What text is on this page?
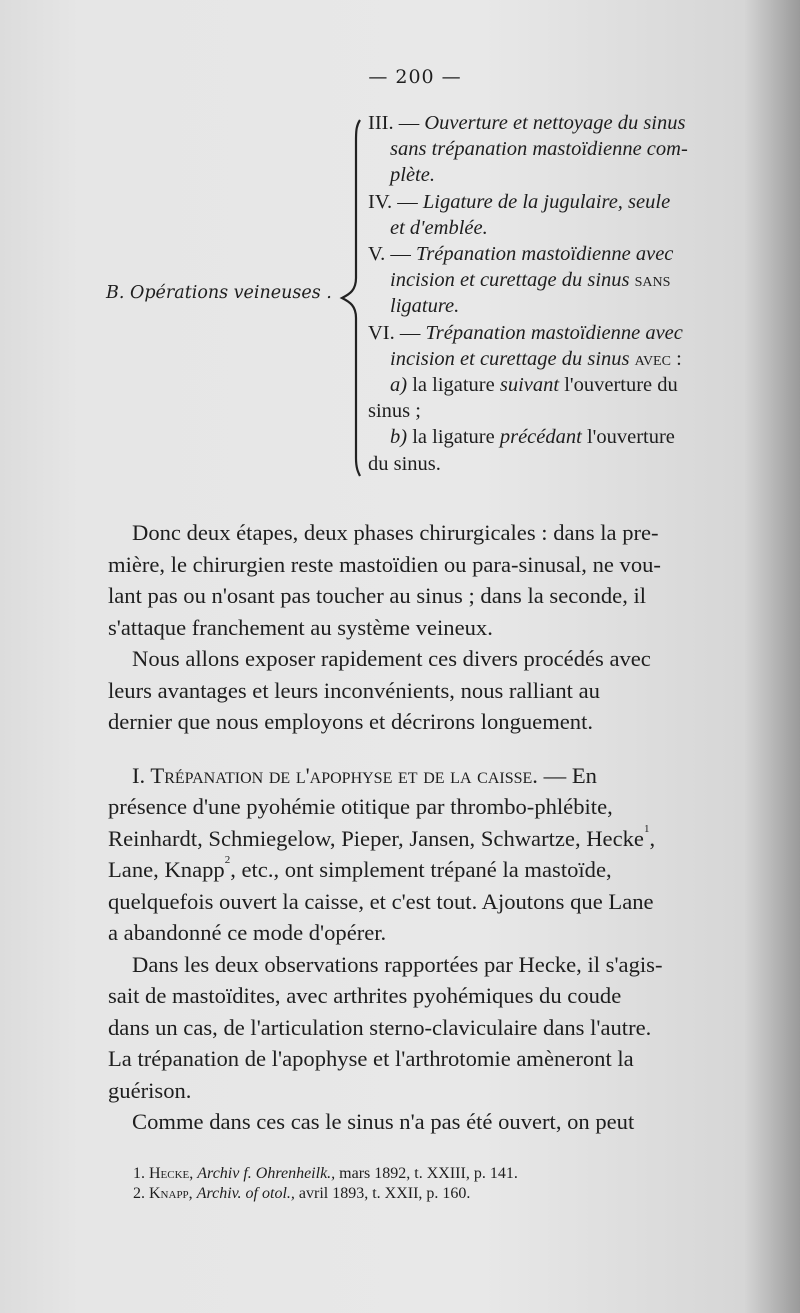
— 200 —
B. Opérations veineuses .
III. — Ouverture et nettoyage du sinus
sans trépanation mastoïdienne com-
plète.
IV. — Ligature de la jugulaire, seule
et d'emblée.
V. — Trépanation mastoïdienne avec
incision et curettage du sinus sans
ligature.
VI. — Trépanation mastoïdienne avec
incision et curettage du sinus avec :
a) la ligature suivant l'ouverture du
sinus ;
b) la ligature précédant l'ouverture
du sinus.

Donc deux étapes, deux phases chirurgicales : dans la pre-
mière, le chirurgien reste mastoïdien ou para-sinusal, ne vou-
lant pas ou n'osant pas toucher au sinus ; dans la seconde, il
s'attaque franchement au système veineux.

Nous allons exposer rapidement ces divers procédés avec
leurs avantages et leurs inconvénients, nous ralliant au
dernier que nous employons et décrirons longuement.

I. Trépanation de l'apophyse et de la caisse. — En
présence d'une pyohémie otitique par thrombo-phlébite,
Reinhardt, Schmiegelow, Pieper, Jansen, Schwartze, Hecke$^1$,
Lane, Knapp$^2$, etc., ont simplement trépané la mastoïde,
quelquefois ouvert la caisse, et c'est tout. Ajoutons que Lane
a abandonné ce mode d'opérer.

Dans les deux observations rapportées par Hecke, il s'agis-
sait de mastoïdites, avec arthrites pyohémiques du coude
dans un cas, de l'articulation sterno-claviculaire dans l'autre.
La trépanation de l'apophyse et l'arthrotomie amèneront la
guérison.

Comme dans ces cas le sinus n'a pas été ouvert, on peut

1. Hecke, Archiv f. Ohrenheilk., mars 1892, t. XXIII, p. 141.
2. Knapp, Archiv. of otol., avril 1893, t. XXII, p. 160.
